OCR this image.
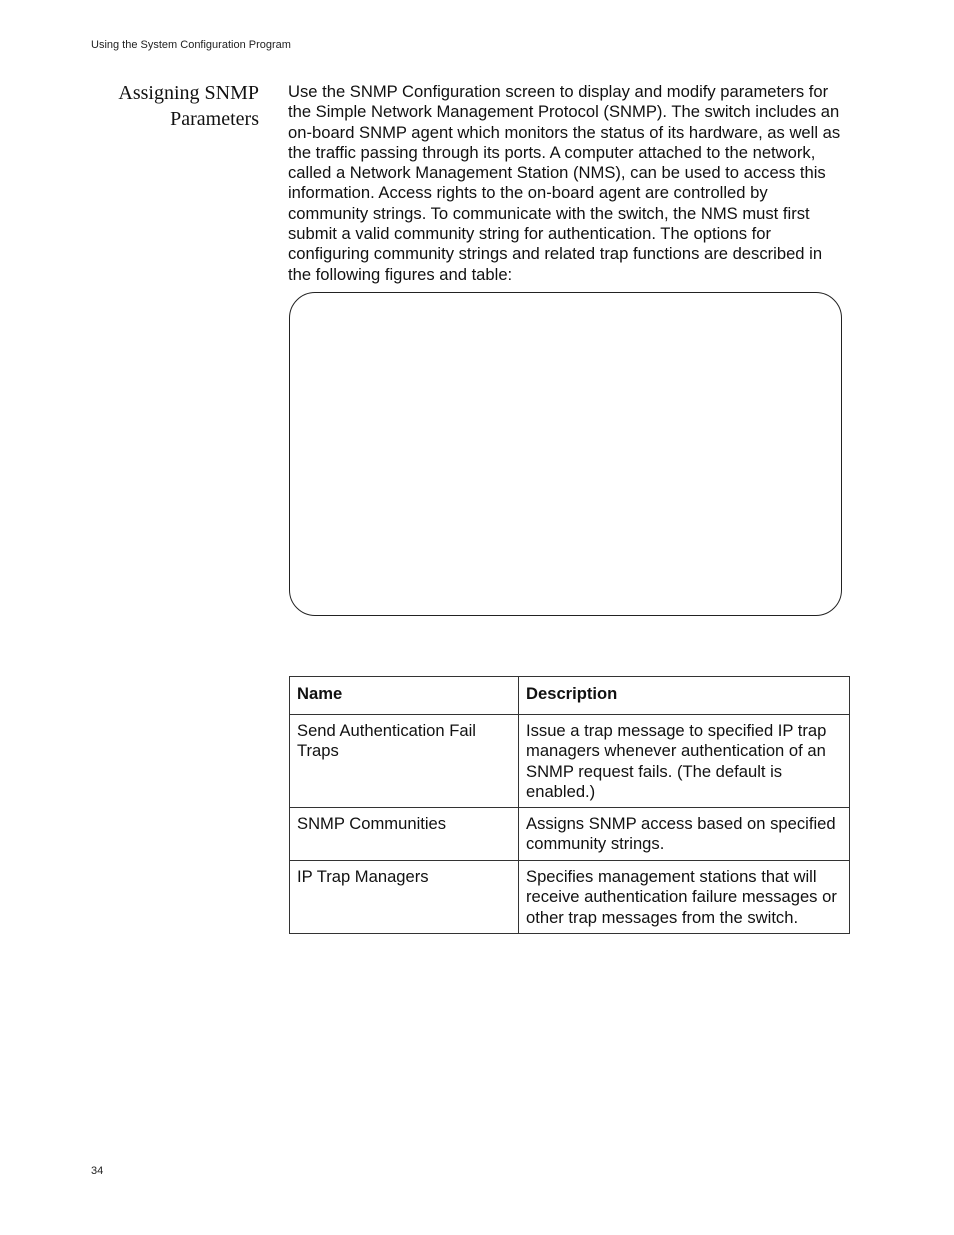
Using the System Configuration Program
Assigning SNMP
Parameters

Use the SNMP Configuration screen to display and modify parameters for the Simple Network Management Protocol (SNMP). The switch includes an on-board SNMP agent which monitors the status of its hardware, as well as the traffic passing through its ports. A computer attached to the network, called a Network Management Station (NMS), can be used to access this information. Access rights to the on-board agent are controlled by community strings. To communicate with the switch, the NMS must first submit a valid community string for authentication. The options for configuring community strings and related trap functions are described in the following figures and table:

Name	Description
Send Authentication Fail Traps	Issue a trap message to specified IP trap managers whenever authentication of an SNMP request fails. (The default is enabled.)
SNMP Communities	Assigns SNMP access based on specified community strings.
IP Trap Managers	Specifies management stations that will receive authentication failure messages or other trap messages from the switch.
34
